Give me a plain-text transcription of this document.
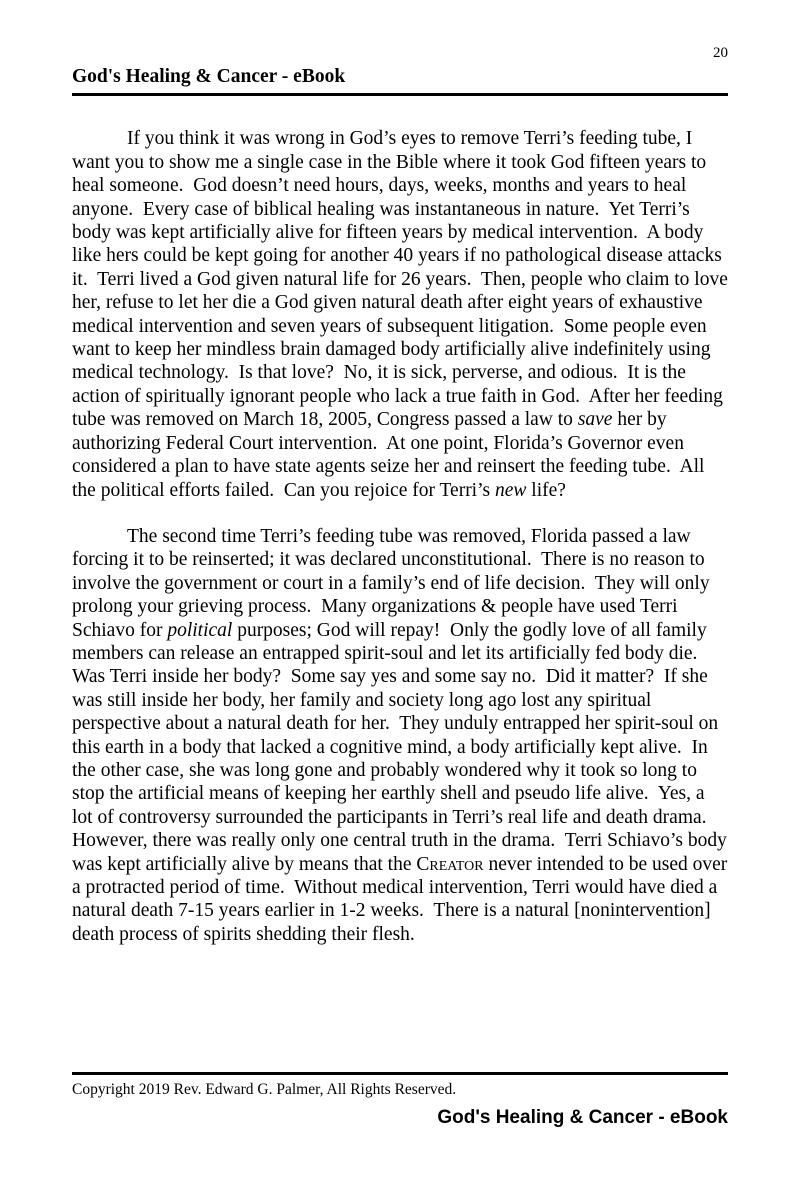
20
God's Healing & Cancer - eBook

If you think it was wrong in God’s eyes to remove Terri’s feeding tube, I want you to show me a single case in the Bible where it took God fifteen years to heal someone.  God doesn’t need hours, days, weeks, months and years to heal anyone.  Every case of biblical healing was instantaneous in nature.  Yet Terri’s body was kept artificially alive for fifteen years by medical intervention.  A body like hers could be kept going for another 40 years if no pathological disease attacks it.  Terri lived a God given natural life for 26 years.  Then, people who claim to love her, refuse to let her die a God given natural death after eight years of exhaustive medical intervention and seven years of subsequent litigation.  Some people even want to keep her mindless brain damaged body artificially alive indefinitely using medical technology.  Is that love?  No, it is sick, perverse, and odious.  It is the action of spiritually ignorant people who lack a true faith in God.  After her feeding tube was removed on March 18, 2005, Congress passed a law to save her by authorizing Federal Court intervention.  At one point, Florida’s Governor even considered a plan to have state agents seize her and reinsert the feeding tube.  All the political efforts failed.  Can you rejoice for Terri’s new life?

The second time Terri’s feeding tube was removed, Florida passed a law forcing it to be reinserted; it was declared unconstitutional.  There is no reason to involve the government or court in a family’s end of life decision.  They will only prolong your grieving process.  Many organizations & people have used Terri Schiavo for political purposes; God will repay!  Only the godly love of all family members can release an entrapped spirit-soul and let its artificially fed body die.  Was Terri inside her body?  Some say yes and some say no.  Did it matter?  If she was still inside her body, her family and society long ago lost any spiritual perspective about a natural death for her.  They unduly entrapped her spirit-soul on this earth in a body that lacked a cognitive mind, a body artificially kept alive.  In the other case, she was long gone and probably wondered why it took so long to stop the artificial means of keeping her earthly shell and pseudo life alive.  Yes, a lot of controversy surrounded the participants in Terri’s real life and death drama.  However, there was really only one central truth in the drama.  Terri Schiavo’s body was kept artificially alive by means that the Creator never intended to be used over a protracted period of time.  Without medical intervention, Terri would have died a natural death 7-15 years earlier in 1-2 weeks.  There is a natural [nonintervention] death process of spirits shedding their flesh.

Copyright 2019 Rev. Edward G. Palmer, All Rights Reserved.
God's Healing & Cancer - eBook
